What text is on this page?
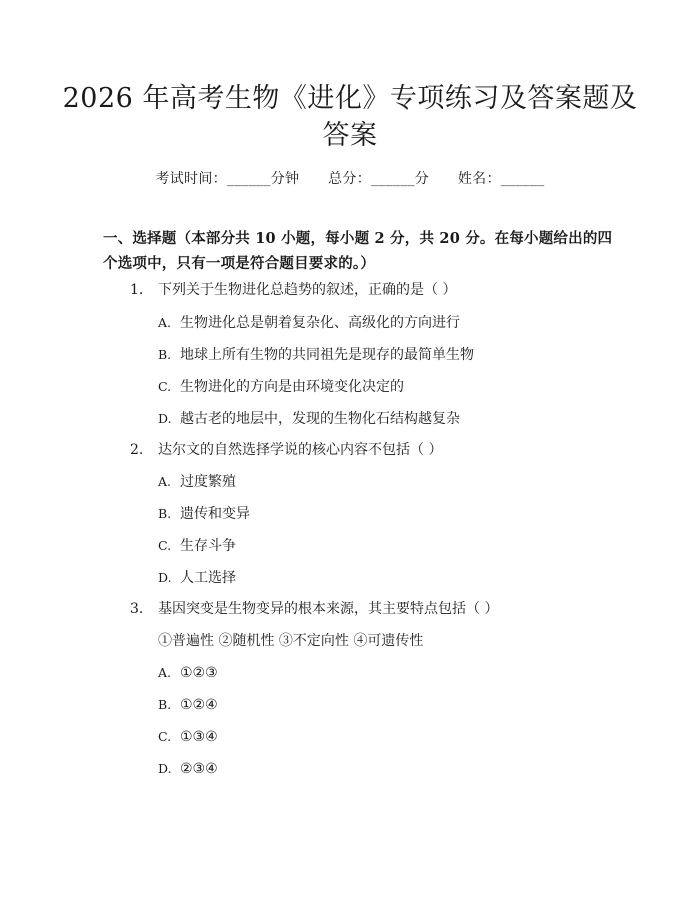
2026 年高考生物《进化》专项练习及答案题及答案
考试时间：______分钟 总分：______分 姓名：______
一、选择题（本部分共 10 小题，每小题 2 分，共 20 分。在每小题给出的四个选项中，只有一项是符合题目要求的。）
1. 下列关于生物进化总趋势的叙述，正确的是（ ）
A. 生物进化总是朝着复杂化、高级化的方向进行
B. 地球上所有生物的共同祖先是现存的最简单生物
C. 生物进化的方向是由环境变化决定的
D. 越古老的地层中，发现的生物化石结构越复杂
2. 达尔文的自然选择学说的核心内容不包括（ ）
A. 过度繁殖
B. 遗传和变异
C. 生存斗争
D. 人工选择
3. 基因突变是生物变异的根本来源，其主要特点包括（ ）
①普遍性 ②随机性 ③不定向性 ④可遗传性
A. ①②③
B. ①②④
C. ①③④
D. ②③④
